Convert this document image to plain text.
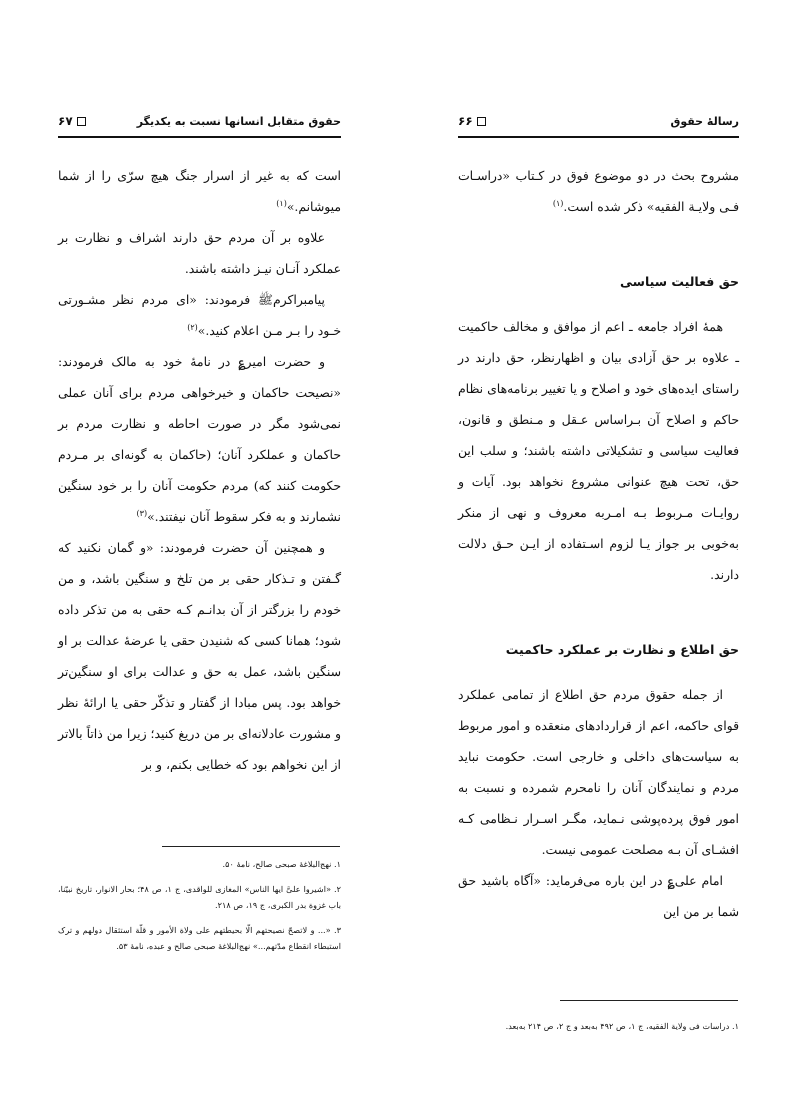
حقوق متقابل انسانها نسبت به یکدیگر
۶۷

است که به غیر از اسرار جنگ هیچ سرّی را از شما میوشانم.»$^{(۱)}$

علاوه بر آن مردم حق دارند اشراف و نظارت بر عملکرد آنـان نیـز داشته باشند.

پیامبراکرمﷺ فرمودند: «ای مردم نظر مشـورتی خـود را بـر مـن اعلام کنید.»$^{(۲)}$

و حضرت امیر؏ در نامهٔ خود به مالک فرمودند: «نصیحت حاکمان و خیرخواهی مردم برای آنان عملی نمی‌شود مگر در صورت احاطه و نظارت مردم بر حاکمان و عملکرد آنان؛ (حاکمان به گونه‌ای بر مـردم حکومت کنند که) مردم حکومت آنان را بر خود سنگین نشمارند و به فکر سقوط آنان نیفتند.»$^{(۳)}$

و همچنین آن حضرت فرمودند: «و گمان نکنید که گـفتن و تـذکار حقی بر من تلخ و سنگین باشد، و من خودم را بزرگتر از آن بدانـم کـه حقی به من تذکر داده شود؛ همانا کسی که شنیدن حقی یا عرضهٔ عدالت بر او سنگین باشد، عمل به حق و عدالت برای او سنگین‌تر خواهد بود. پس مبادا از گفتار و تذکّر حقی یا ارائهٔ نظر و مشورت عادلانه‌ای بر من دریغ کنید؛ زیرا من ذاتاً بالاتر از این نخواهم بود که خطایی بکنم، و بر

۱. نهج‌البلاغهٔ صبحی صالح، نامهٔ ۵۰.
۲. «اشیروا علیَّ ایها الناس» المغازی للواقدی، ج ۱، ص ۴۸؛ بحار الانوار، تاریخ نبیّنا، باب غزوة بدر الکبری، ج ۱۹، ص ۲۱۸.
۳. «... و لاتصحّ نصیحتهم الّا بحیطتهم علی ولاة الأمور و قلّة استثقال دولهم و ترک استبطاء انقطاع مدّتهم...» نهج‌البلاغهٔ صبحی صالح و عبده، نامهٔ ۵۳.
رسالهٔ حقوق
۶۶

مشروح بحث در دو موضوع فوق در کـتاب «دراسـات فـی ولایـة الفقیه» ذکر شده است.$^{(۱)}$

حق فعالیت سیاسی

همهٔ افراد جامعه ـ اعم از موافق و مخالف حاکمیت ـ علاوه بر حق آزادی بیان و اظهارنظر، حق دارند در راستای ایده‌های خود و اصلاح و یا تغییر برنامه‌های نظام حاکم و اصلاح آن بـراساس عـقل و مـنطق و قانون، فعالیت سیاسی و تشکیلاتی داشته باشند؛ و سلب این حق، تحت هیچ عنوانی مشروع نخواهد بود. آیات و روایـات مـربوط بـه امـربه معروف و نهی از منکر به‌خوبی بر جواز یـا لزوم اسـتفاده از ایـن حـق دلالت دارند.

حق اطلاع و نظارت بر عملکرد حاکمیت

از جمله حقوق مردم حق اطلاع از تمامی عملکرد قوای حاکمه، اعم از قراردادهای منعقده و امور مربوط به سیاست‌های داخلی و خارجی است. حکومت نباید مردم و نمایندگان آنان را نامحرم شمرده و نسبت به امور فوق پرده‌پوشی نـماید، مگـر اسـرار نـظامی کـه افشـای آن بـه مصلحت عمومی نیست.

امام علی؏ در این باره می‌فرماید: «آگاه باشید حق شما بر من این

۱. دراسات فی ولایة الفقیه، ج ۱، ص ۴۹۲ به‌بعد و ج ۲، ص ۲۱۴ به‌بعد.
